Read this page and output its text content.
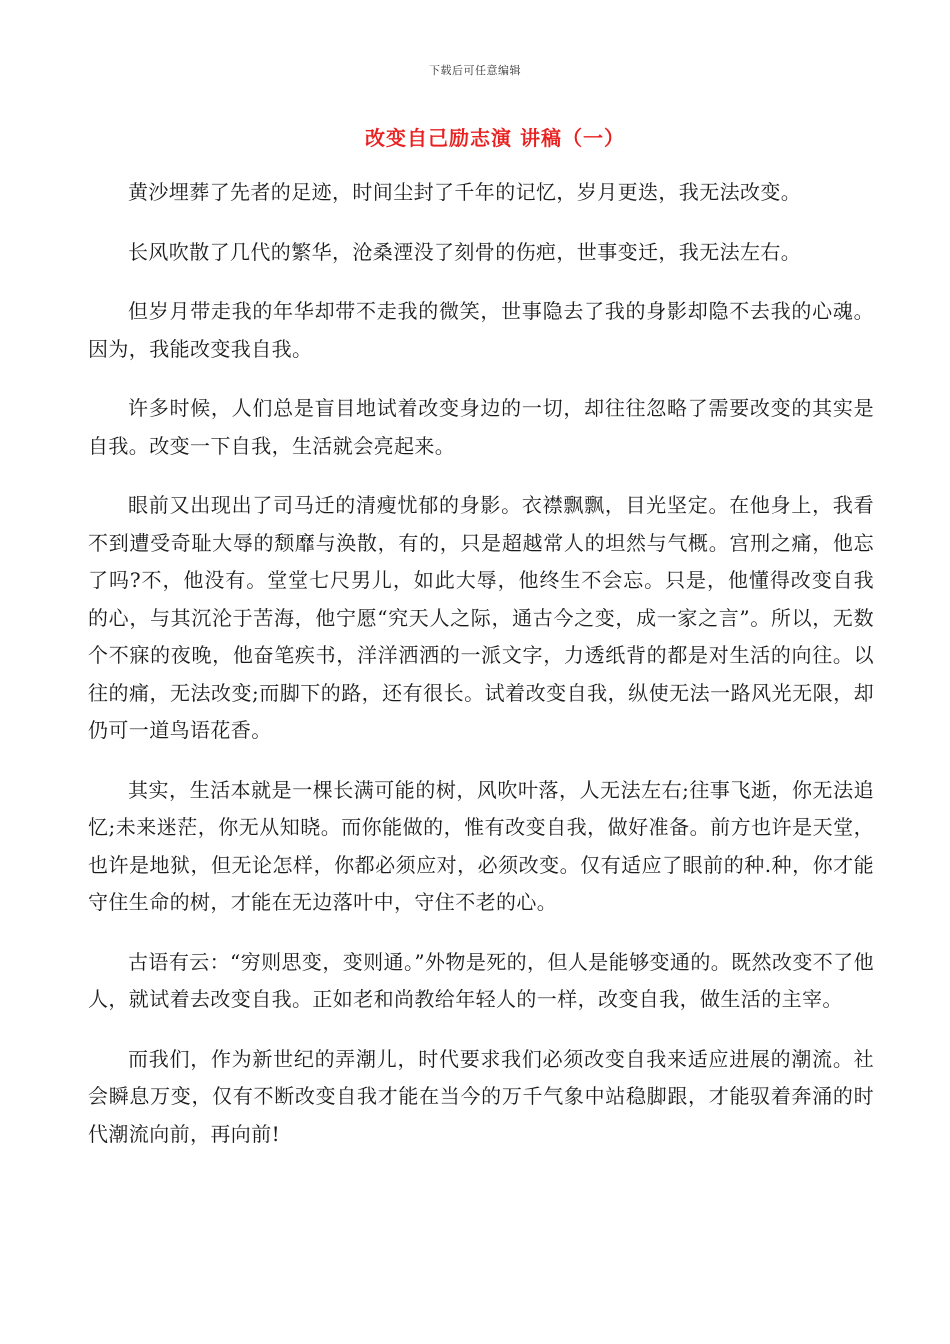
下载后可任意编辑
改变自己励志演 讲稿（一）

黄沙埋葬了先者的足迹，时间尘封了千年的记忆，岁月更迭，我无法改变。

长风吹散了几代的繁华，沧桑湮没了刻骨的伤疤，世事变迁，我无法左右。

但岁月带走我的年华却带不走我的微笑，世事隐去了我的身影却隐不去我的心魂。因为，我能改变我自我。

许多时候，人们总是盲目地试着改变身边的一切，却往往忽略了需要改变的其实是自我。改变一下自我，生活就会亮起来。

眼前又出现出了司马迁的清瘦忧郁的身影。衣襟飘飘，目光坚定。在他身上，我看不到遭受奇耻大辱的颓靡与涣散，有的，只是超越常人的坦然与气概。宫刑之痛，他忘了吗?不，他没有。堂堂七尺男儿，如此大辱，他终生不会忘。只是，他懂得改变自我的心，与其沉沦于苦海，他宁愿“究天人之际，通古今之变，成一家之言”。所以，无数个不寐的夜晚，他奋笔疾书，洋洋洒洒的一派文字，力透纸背的都是对生活的向往。以往的痛，无法改变;而脚下的路，还有很长。试着改变自我，纵使无法一路风光无限，却仍可一道鸟语花香。

其实，生活本就是一棵长满可能的树，风吹叶落，人无法左右;往事飞逝，你无法追忆;未来迷茫，你无从知晓。而你能做的，惟有改变自我，做好准备。前方也许是天堂，也许是地狱，但无论怎样，你都必须应对，必须改变。仅有适应了眼前的种.种，你才能守住生命的树，才能在无边落叶中，守住不老的心。

古语有云：“穷则思变，变则通。”外物是死的，但人是能够变通的。既然改变不了他人，就试着去改变自我。正如老和尚教给年轻人的一样，改变自我，做生活的主宰。

而我们，作为新世纪的弄潮儿，时代要求我们必须改变自我来适应进展的潮流。社会瞬息万变，仅有不断改变自我才能在当今的万千气象中站稳脚跟，才能驭着奔涌的时代潮流向前，再向前!
